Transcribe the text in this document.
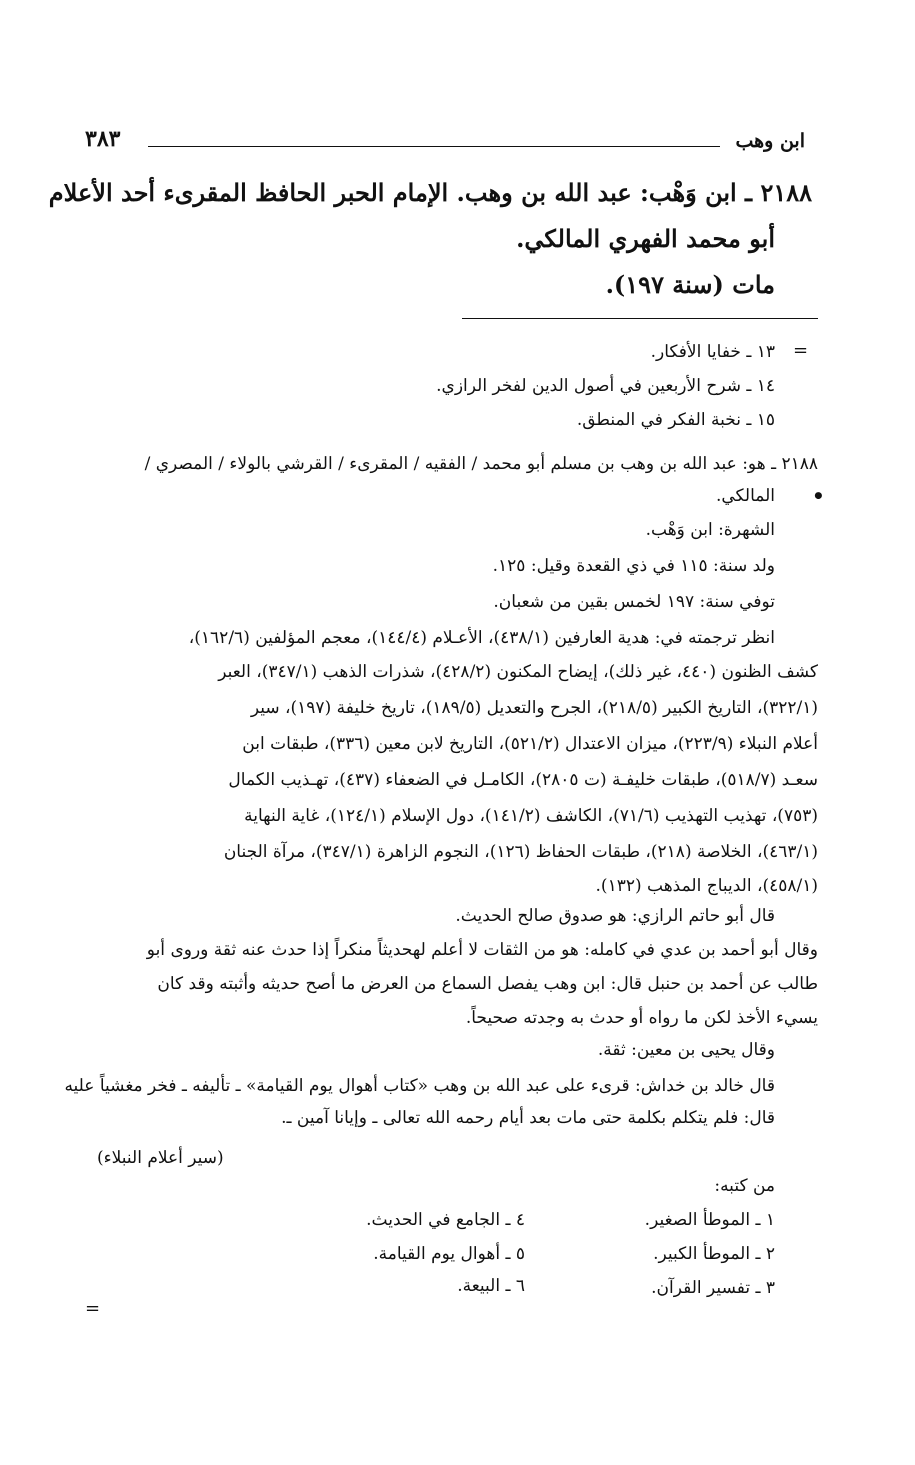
ابن وهب
٣٨٣
٢١٨٨ ـ ابن وَهْب: عبد الله بن وهب. الإمام الحبر الحافظ المقرىء أحد الأعلام
أبو محمد الفهري المالكي.
مات (سنة ١٩٧).
=
١٣ ـ خفايا الأفكار.
١٤ ـ شرح الأربعين في أصول الدين لفخر الرازي.
١٥ ـ نخبة الفكر في المنطق.
٢١٨٨ ـ هو: عبد الله بن وهب بن مسلم أبو محمد / الفقيه / المقرىء / القرشي بالولاء / المصري /
•
المالكي.
الشهرة: ابن وَهْب.
ولد سنة: ١١٥ في ذي القعدة وقيل: ١٢٥.
توفي سنة: ١٩٧ لخمس بقين من شعبان.
انظر ترجمته في: هدية العارفين (٤٣٨/١)، الأعـلام (١٤٤/٤)، معجم المؤلفين (١٦٢/٦)،
كشف الظنون (٤٤٠، غير ذلك)، إيضاح المكنون (٤٢٨/٢)، شذرات الذهب (٣٤٧/١)، العبر
(٣٢٢/١)، التاريخ الكبير (٢١٨/٥)، الجرح والتعديل (١٨٩/٥)، تاريخ خليفة (١٩٧)، سير
أعلام النبلاء (٢٢٣/٩)، ميزان الاعتدال (٥٢١/٢)، التاريخ لابن معين (٣٣٦)، طبقات ابن
سعـد (٥١٨/٧)، طبقات خليفـة (ت ٢٨٠٥)، الكامـل في الضعفاء (٤٣٧)، تهـذيب الكمال
(٧٥٣)، تهذيب التهذيب (٧١/٦)، الكاشف (١٤١/٢)، دول الإسلام (١٢٤/١)، غاية النهاية
(٤٦٣/١)، الخلاصة (٢١٨)، طبقات الحفاظ (١٢٦)، النجوم الزاهرة (٣٤٧/١)، مرآة الجنان
(٤٥٨/١)، الديباج المذهب (١٣٢).
قال أبو حاتم الرازي: هو صدوق صالح الحديث.
وقال أبو أحمد بن عدي في كامله: هو من الثقات لا أعلم لهحديثاً منكراً إذا حدث عنه ثقة وروى أبو
طالب عن أحمد بن حنبل قال: ابن وهب يفصل السماع من العرض ما أصح حديثه وأثبته وقد كان
يسيء الأخذ لكن ما رواه أو حدث به وجدته صحيحاً.
وقال يحيى بن معين: ثقة.
قال خالد بن خداش: قرىء على عبد الله بن وهب «كتاب أهوال يوم القيامة» ـ تأليفه ـ فخر مغشياً عليه
قال: فلم يتكلم بكلمة حتى مات بعد أيام رحمه الله تعالى ـ وإيانا آمين ـ.
(سير أعلام النبلاء)
من كتبه:
١ ـ الموطأ الصغير.
٢ ـ الموطأ الكبير.
٣ ـ تفسير القرآن.
٤ ـ الجامع في الحديث.
٥ ـ أهوال يوم القيامة.
٦ ـ البيعة.
=
